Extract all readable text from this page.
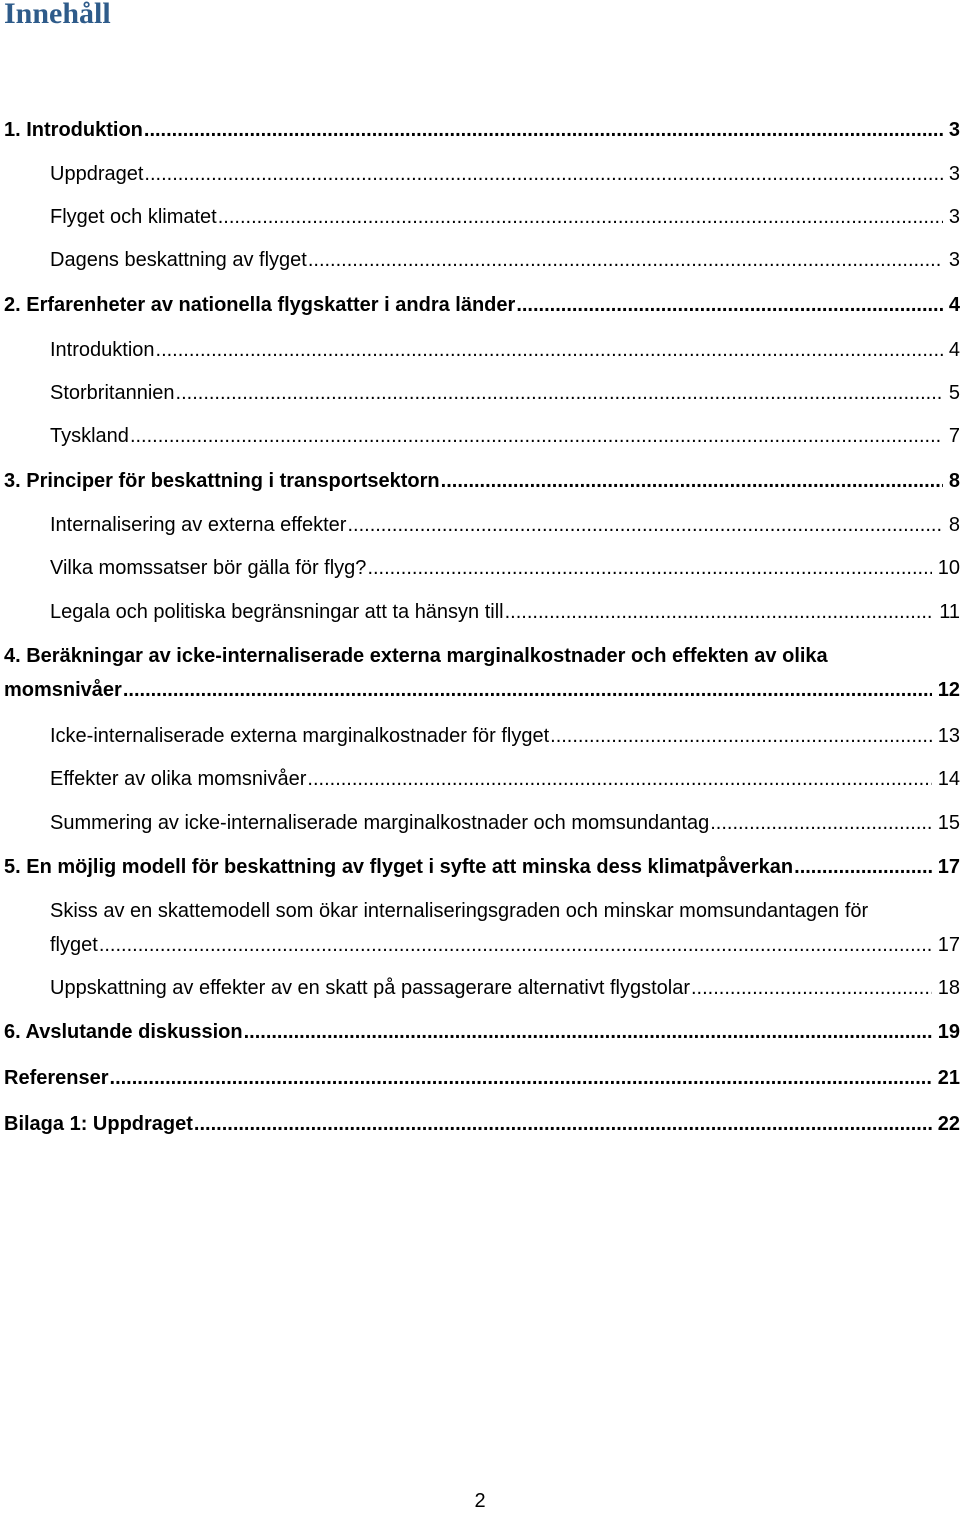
Innehåll
1. Introduktion .....	3
Uppdraget .....	3
Flyget och klimatet .....	3
Dagens beskattning av flyget .....	3
2. Erfarenheter av nationella flygskatter i andra länder .....	4
Introduktion .....	4
Storbritannien .....	5
Tyskland .....	7
3. Principer för beskattning i transportsektorn .....	8
Internalisering av externa effekter .....	8
Vilka momssatser bör gälla för flyg? .....	10
Legala och politiska begränsningar att ta hänsyn till .....	11
4. Beräkningar av icke-internaliserade externa marginalkostnader och effekten av olika
momsnivåer .....	12
Icke-internaliserade externa marginalkostnader för flyget .....	13
Effekter av olika momsnivåer .....	14
Summering av icke-internaliserade marginalkostnader och momsundantag .....	15
5. En möjlig modell för beskattning av flyget i syfte att minska dess klimatpåverkan .....	17
Skiss av en skattemodell som ökar internaliseringsgraden och minskar momsundantagen för
flyget .....	17
Uppskattning av effekter av en skatt på passagerare alternativt flygstolar .....	18
6. Avslutande diskussion .....	19
Referenser .....	21
Bilaga 1: Uppdraget .....	22
2
